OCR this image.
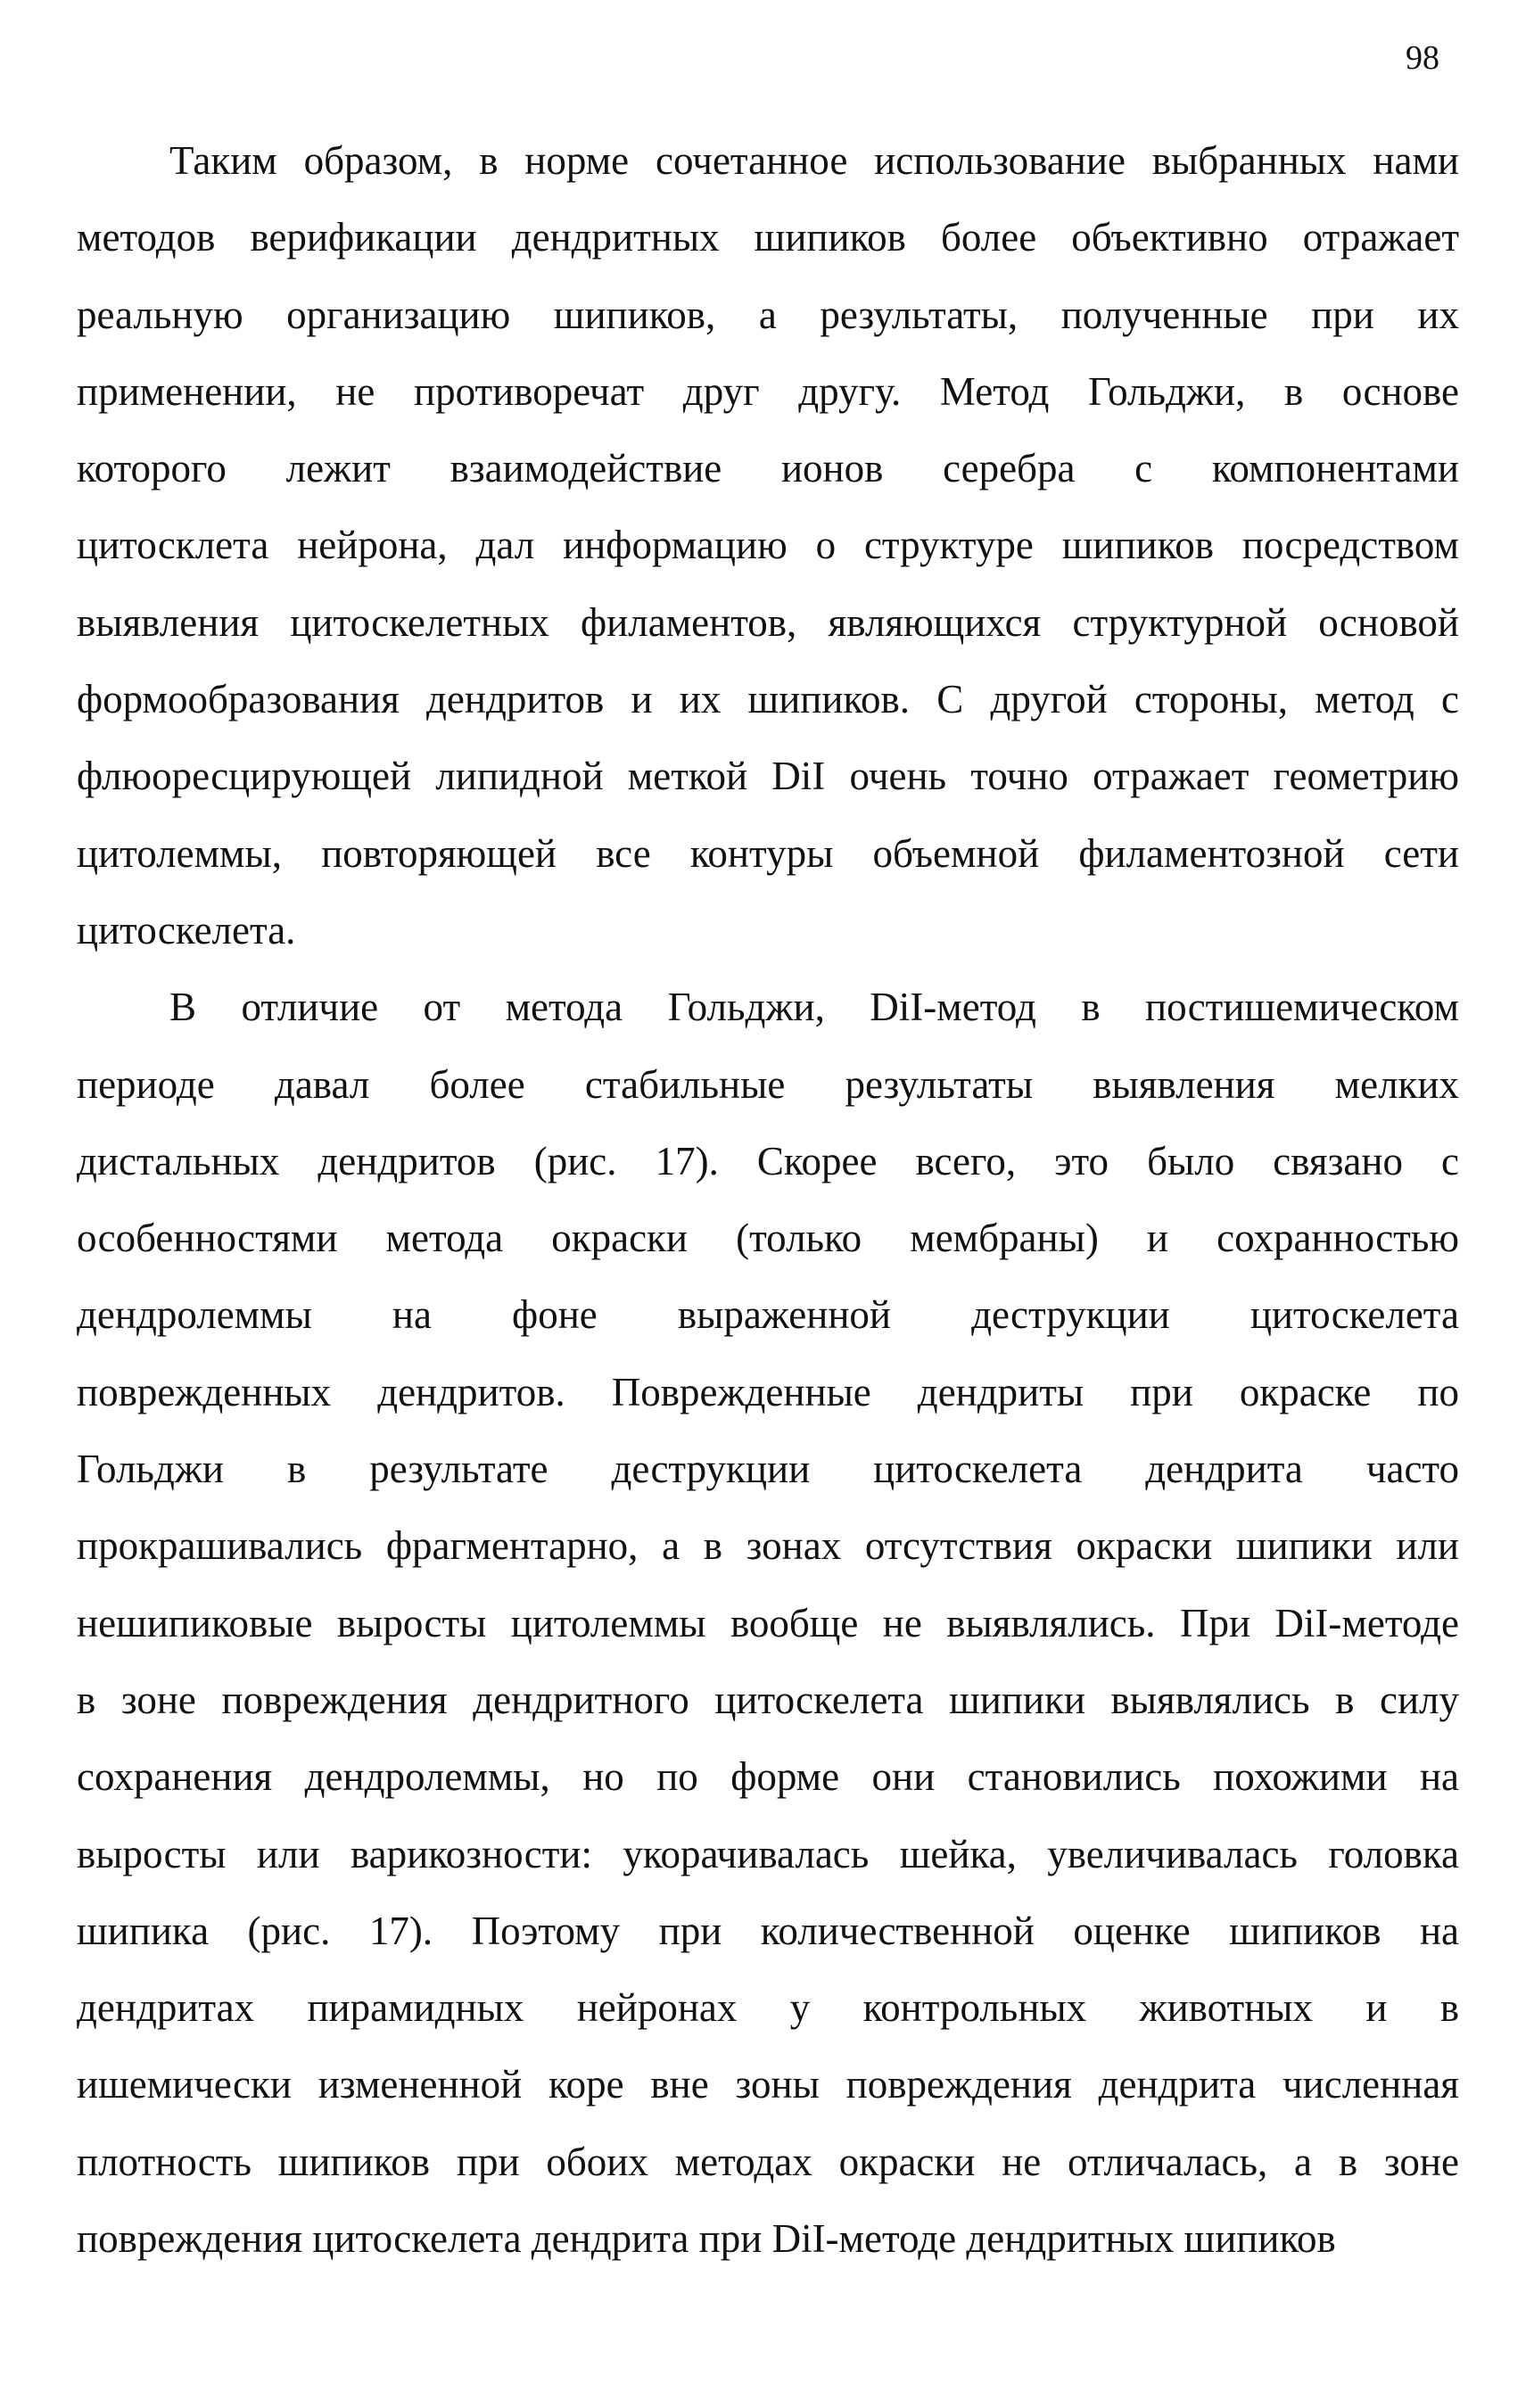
98
Таким образом, в норме сочетанное использование выбранных нами
методов верификации дендритных шипиков более объективно отражает
реальную организацию шипиков, а результаты, полученные при их
применении, не противоречат друг другу. Метод Гольджи, в основе
которого лежит взаимодействие ионов серебра с компонентами
цитосклета нейрона, дал информацию о структуре шипиков посредством
выявления цитоскелетных филаментов, являющихся структурной основой
формообразования дендритов и их шипиков. С другой стороны, метод с
флюоресцирующей липидной меткой DiI очень точно отражает геометрию
цитолеммы, повторяющей все контуры объемной филаментозной сети
цитоскелета.
В отличие от метода Гольджи, DiI-метод в постишемическом
периоде давал более стабильные результаты выявления мелких
дистальных дендритов (рис. 17). Скорее всего, это было связано с
особенностями метода окраски (только мембраны) и сохранностью
дендролеммы на фоне выраженной деструкции цитоскелета
поврежденных дендритов. Поврежденные дендриты при окраске по
Гольджи в результате деструкции цитоскелета дендрита часто
прокрашивались фрагментарно, а в зонах отсутствия окраски шипики или
нешипиковые выросты цитолеммы вообще не выявлялись. При DiI-методе
в зоне повреждения дендритного цитоскелета шипики выявлялись в силу
сохранения дендролеммы, но по форме они становились похожими на
выросты или варикозности: укорачивалась шейка, увеличивалась головка
шипика (рис. 17). Поэтому при количественной оценке шипиков на
дендритах пирамидных нейронах у контрольных животных и в
ишемически измененной коре вне зоны повреждения дендрита численная
плотность шипиков при обоих методах окраски не отличалась, а в зоне
повреждения цитоскелета дендрита при DiI-методе дендритных шипиков
